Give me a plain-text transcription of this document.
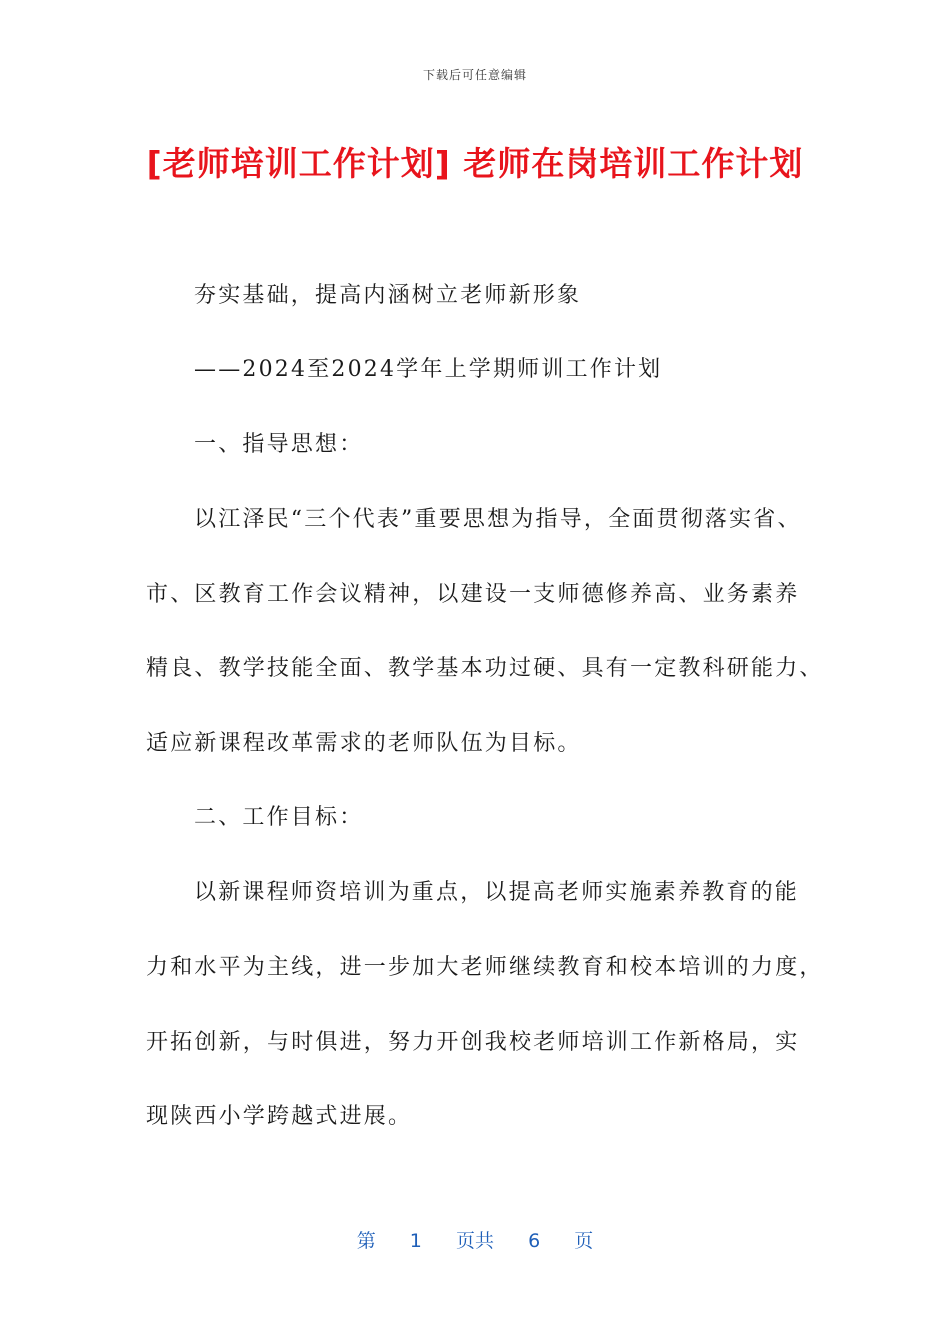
下载后可任意编辑
[老师培训工作计划] 老师在岗培训工作计划
夯实基础，提高内涵树立老师新形象
——2024至2024学年上学期师训工作计划
一、指导思想：
以江泽民“三个代表”重要思想为指导，全面贯彻落实省、
市、区教育工作会议精神，以建设一支师德修养高、业务素养
精良、教学技能全面、教学基本功过硬、具有一定教科研能力、
适应新课程改革需求的老师队伍为目标。
二、工作目标：
以新课程师资培训为重点，以提高老师实施素养教育的能
力和水平为主线，进一步加大老师继续教育和校本培训的力度，
开拓创新，与时俱进，努力开创我校老师培训工作新格局，实
现陕西小学跨越式进展。
第 1 页共 6 页
